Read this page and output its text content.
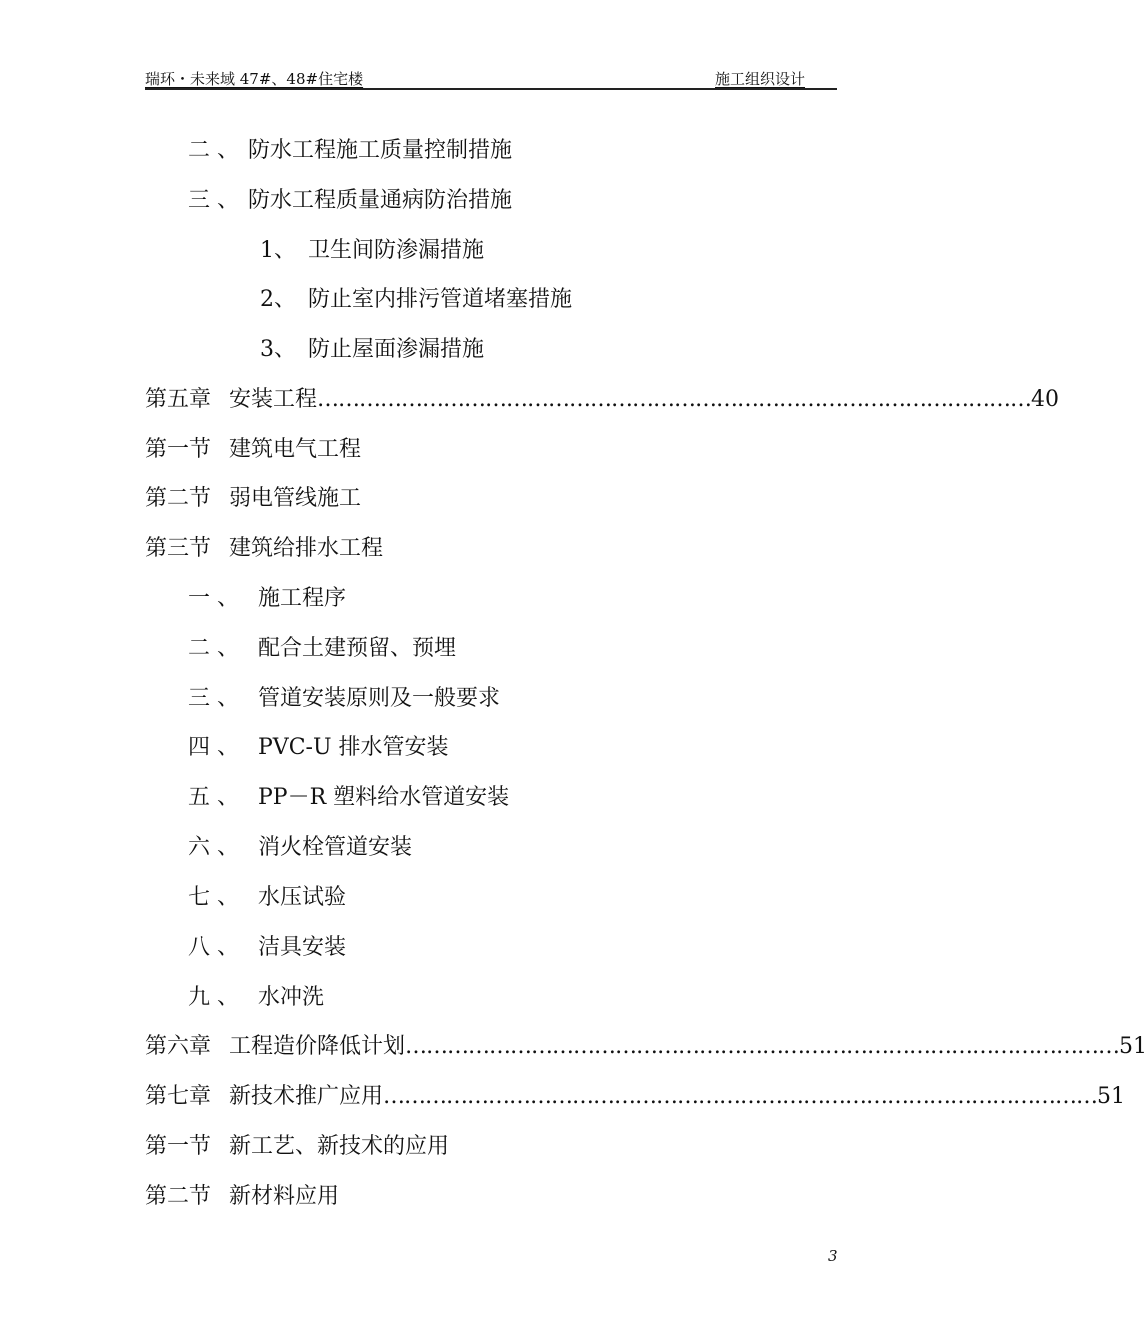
瑞环・未来域 47#、48#住宅楼	施工组织设计
二 、 防水工程施工质量控制措施
三 、 防水工程质量通病防治措施
1、 卫生间防渗漏措施
2、 防止室内排污管道堵塞措施
3、 防止屋面渗漏措施
第五章 安装工程 ………………………………………………………………………………………… 40
第一节 建筑电气工程
第二节 弱电管线施工
第三节 建筑给排水工程
一 、 施工程序
二 、 配合土建预留、预埋
三 、 管道安装原则及一般要求
四 、 PVC-U 排水管安装
五 、 PP－R 塑料给水管道安装
六 、 消火栓管道安装
七 、 水压试验
八 、 洁具安装
九 、 水冲洗
第六章 工程造价降低计划 ………………………………………………………………………………………… 51
第七章 新技术推广应用 ………………………………………………………………………………………… 51
第一节 新工艺、新技术的应用
第二节 新材料应用
3
